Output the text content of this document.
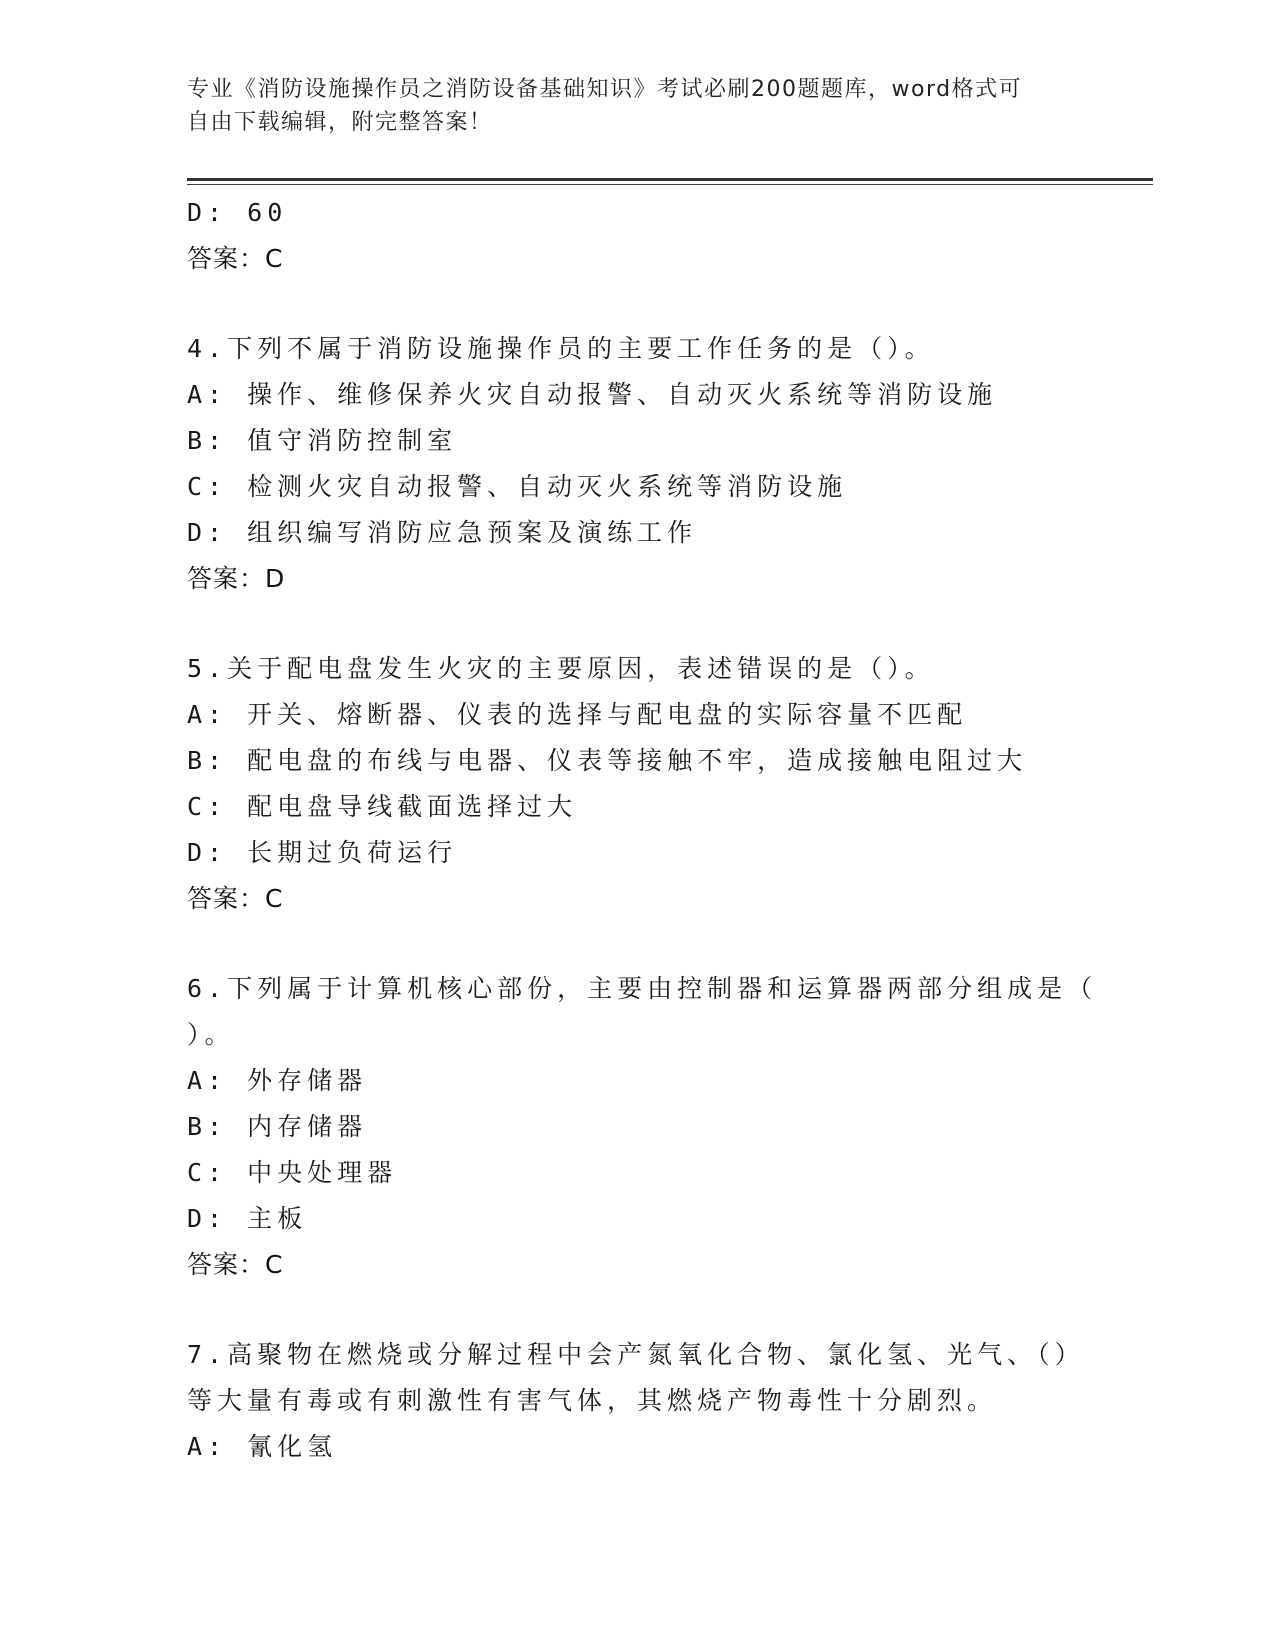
专业《消防设施操作员之消防设备基础知识》考试必刷200题题库，word格式可
自由下载编辑，附完整答案！
D: 60
答案：C
4.下列不属于消防设施操作员的主要工作任务的是（）。
A: 操作、维修保养火灾自动报警、自动灭火系统等消防设施
B: 值守消防控制室
C: 检测火灾自动报警、自动灭火系统等消防设施
D: 组织编写消防应急预案及演练工作
答案：D
5.关于配电盘发生火灾的主要原因，表述错误的是（）。
A: 开关、熔断器、仪表的选择与配电盘的实际容量不匹配
B: 配电盘的布线与电器、仪表等接触不牢，造成接触电阻过大
C: 配电盘导线截面选择过大
D: 长期过负荷运行
答案：C
6.下列属于计算机核心部份，主要由控制器和运算器两部分组成是（
）。
A: 外存储器
B: 内存储器
C: 中央处理器
D: 主板
答案：C
7.高聚物在燃烧或分解过程中会产氮氧化合物、氯化氢、光气、（）
等大量有毒或有刺激性有害气体，其燃烧产物毒性十分剧烈。
A: 氰化氢
